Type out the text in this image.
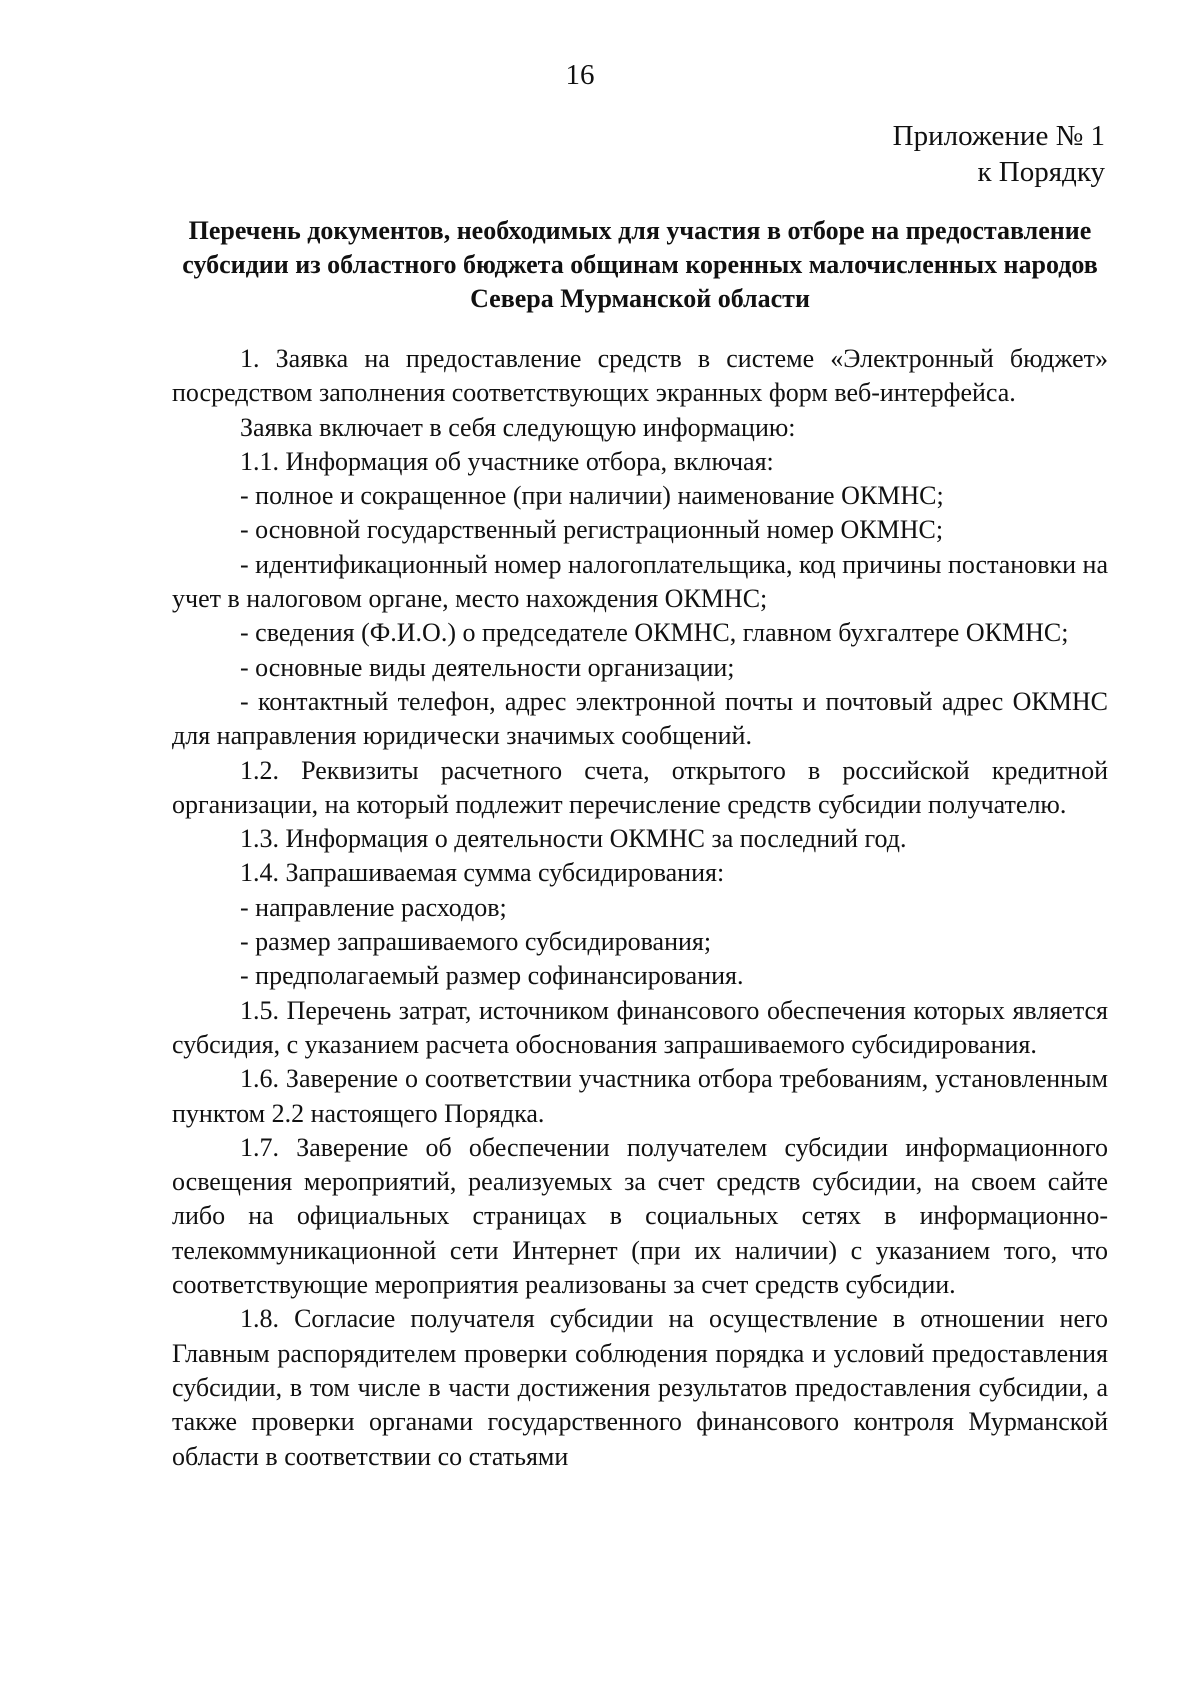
16
Приложение № 1
к Порядку
Перечень документов, необходимых для участия в отборе на предоставление субсидии из областного бюджета общинам коренных малочисленных народов Севера Мурманской области

1. Заявка на предоставление средств в системе «Электронный бюджет» посредством заполнения соответствующих экранных форм веб-интерфейса.

Заявка включает в себя следующую информацию:

1.1. Информация об участнике отбора, включая:

- полное и сокращенное (при наличии) наименование ОКМНС;

- основной государственный регистрационный номер ОКМНС;

- идентификационный номер налогоплательщика, код причины постановки на учет в налоговом органе, место нахождения ОКМНС;

- сведения (Ф.И.О.) о председателе ОКМНС, главном бухгалтере ОКМНС;

- основные виды деятельности организации;

- контактный телефон, адрес электронной почты и почтовый адрес ОКМНС для направления юридически значимых сообщений.

1.2. Реквизиты расчетного счета, открытого в российской кредитной организации, на который подлежит перечисление средств субсидии получателю.

1.3. Информация о деятельности ОКМНС за последний год.

1.4. Запрашиваемая сумма субсидирования:

- направление расходов;

- размер запрашиваемого субсидирования;

- предполагаемый размер софинансирования.

1.5. Перечень затрат, источником финансового обеспечения которых является субсидия, с указанием расчета обоснования запрашиваемого субсидирования.

1.6. Заверение о соответствии участника отбора требованиям, установленным пунктом 2.2 настоящего Порядка.

1.7. Заверение об обеспечении получателем субсидии информационного освещения мероприятий, реализуемых за счет средств субсидии, на своем сайте либо на официальных страницах в социальных сетях в информационно-телекоммуникационной сети Интернет (при их наличии) с указанием того, что соответствующие мероприятия реализованы за счет средств субсидии.

1.8. Согласие получателя субсидии на осуществление в отношении него Главным распорядителем проверки соблюдения порядка и условий предоставления субсидии, в том числе в части достижения результатов предоставления субсидии, а также проверки органами государственного финансового контроля Мурманской области в соответствии со статьями
